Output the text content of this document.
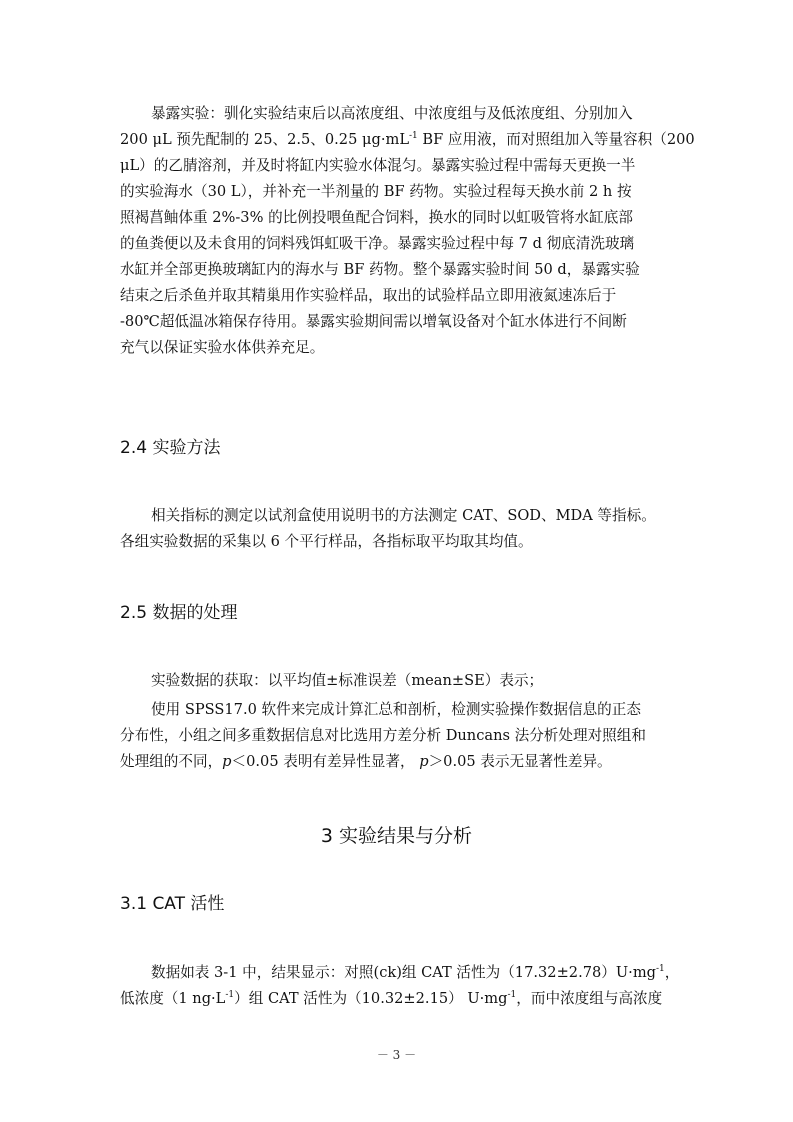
暴露实验：驯化实验结束后以高浓度组、中浓度组与及低浓度组、分别加入
200 μL 预先配制的 25、2.5、0.25 $\mu g\cdot mL^{-1}$ BF 应用液，而对照组加入等量容积（200
μL）的乙腈溶剂，并及时将缸内实验水体混匀。暴露实验过程中需每天更换一半
的实验海水（30 L），并补充一半剂量的 BF 药物。实验过程每天换水前 2 h 按
照褐菖鲉体重 2%-3% 的比例投喂鱼配合饲料，换水的同时以虹吸管将水缸底部
的鱼粪便以及未食用的饲料残饵虹吸干净。暴露实验过程中每 7 d 彻底清洗玻璃
水缸并全部更换玻璃缸内的海水与 BF 药物。整个暴露实验时间 50 d，暴露实验
结束之后杀鱼并取其精巢用作实验样品，取出的试验样品立即用液氮速冻后于
-80℃超低温冰箱保存待用。暴露实验期间需以增氧设备对个缸水体进行不间断
充气以保证实验水体供养充足。

2.4 实验方法

相关指标的测定以试剂盒使用说明书的方法测定 CAT、SOD、MDA 等指标。
各组实验数据的采集以 6 个平行样品，各指标取平均取其均值。

2.5 数据的处理

实验数据的获取：以平均值±标准误差（mean±SE）表示；

使用 SPSS17.0 软件来完成计算汇总和剖析，检测实验操作数据信息的正态
分布性，小组之间多重数据信息对比选用方差分析 Duncans 法分析处理对照组和
处理组的不同，p＜0.05 表明有差异性显著， p＞0.05 表示无显著性差异。

3 实验结果与分析
3.1 CAT 活性

数据如表 3-1 中，结果显示：对照(ck)组 CAT 活性为$(17.32\pm 2.78)U\cdot mg^{-1}$，
低浓度（1 $ng\cdot L^{-1}$）组 CAT 活性为（10.32±2.15） $U\cdot mg^{-1}$，而中浓度组与高浓度

－ 3 －
